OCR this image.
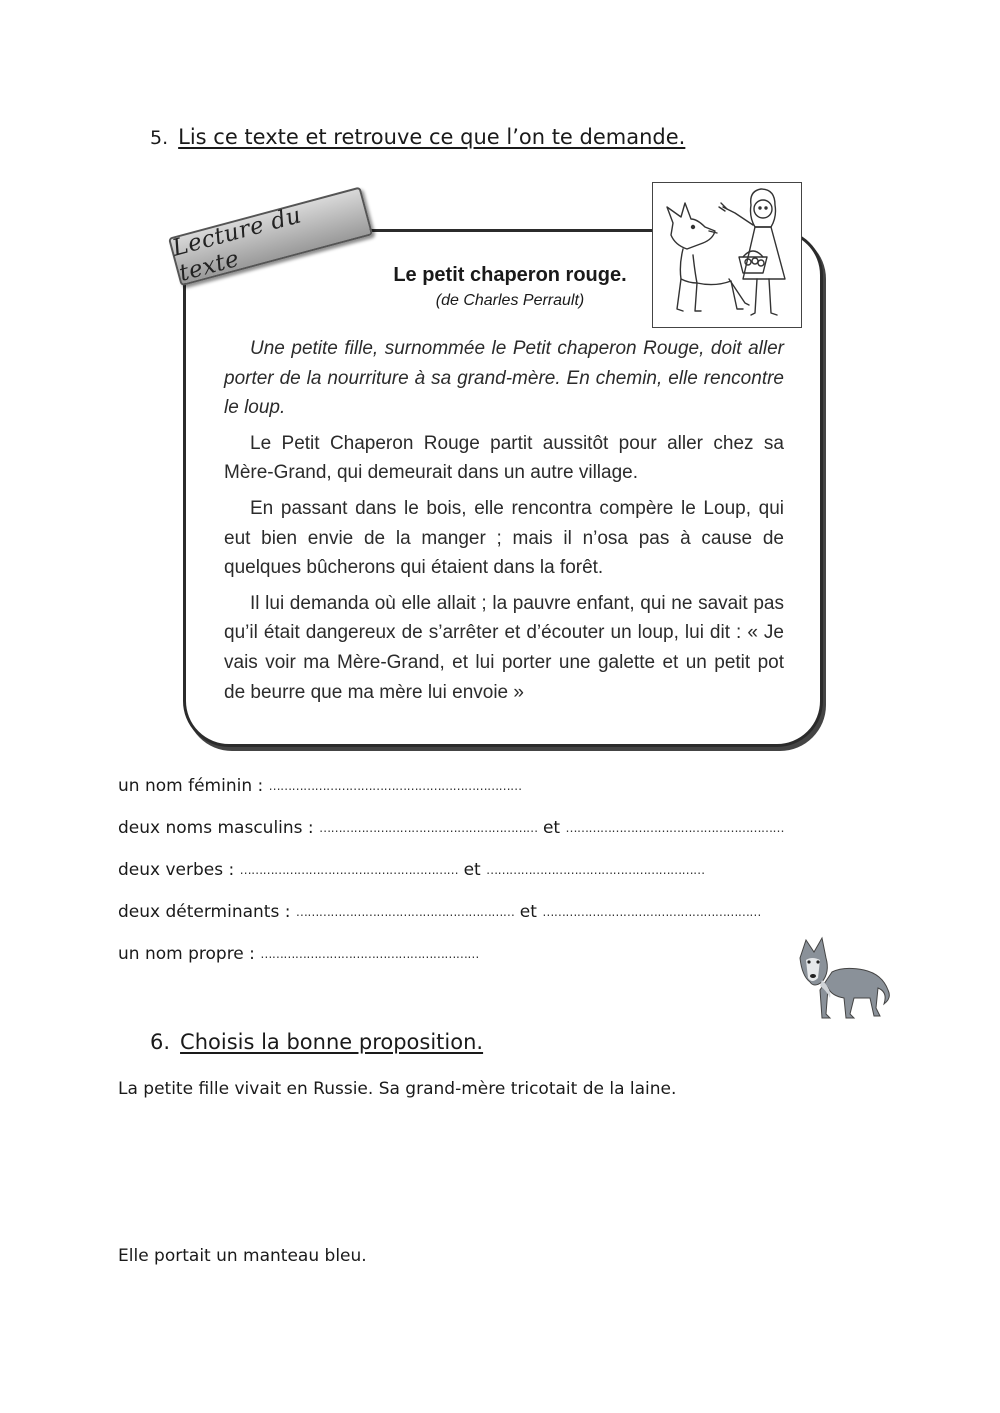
5. Lis ce texte et retrouve ce que l’on te demande.
Lecture du texte	Le petit chaperon rouge.
(de Charles Perrault)

Une petite fille, surnommée le Petit chaperon Rouge, doit aller porter de la nourriture à sa grand-mère. En chemin, elle rencontre le loup.

Le Petit Chaperon Rouge partit aussitôt pour aller chez sa Mère-Grand, qui demeurait dans un autre village.

En passant dans le bois, elle rencontra compère le Loup, qui eut bien envie de la manger ; mais il n’osa pas à cause de quelques bûcherons qui étaient dans la forêt.

Il lui demanda où elle allait ; la pauvre enfant, qui ne savait pas qu’il était dangereux de s’arrêter et d’écouter un loup, lui dit : « Je vais voir ma Mère-Grand, et lui porter une galette et un petit pot de beurre que ma mère lui envoie »

un nom féminin : …………………………………………………………
deux noms masculins : ………………………………………………… et …………………………………………………
deux verbes : ………………………………………………… et …………………………………………………
deux déterminants : ………………………………………………… et …………………………………………………
un nom propre : …………………………………………………
6. Choisis la bonne proposition.
La petite fille vivait en Russie. Sa grand-mère tricotait de la laine.
Elle portait un manteau bleu.
